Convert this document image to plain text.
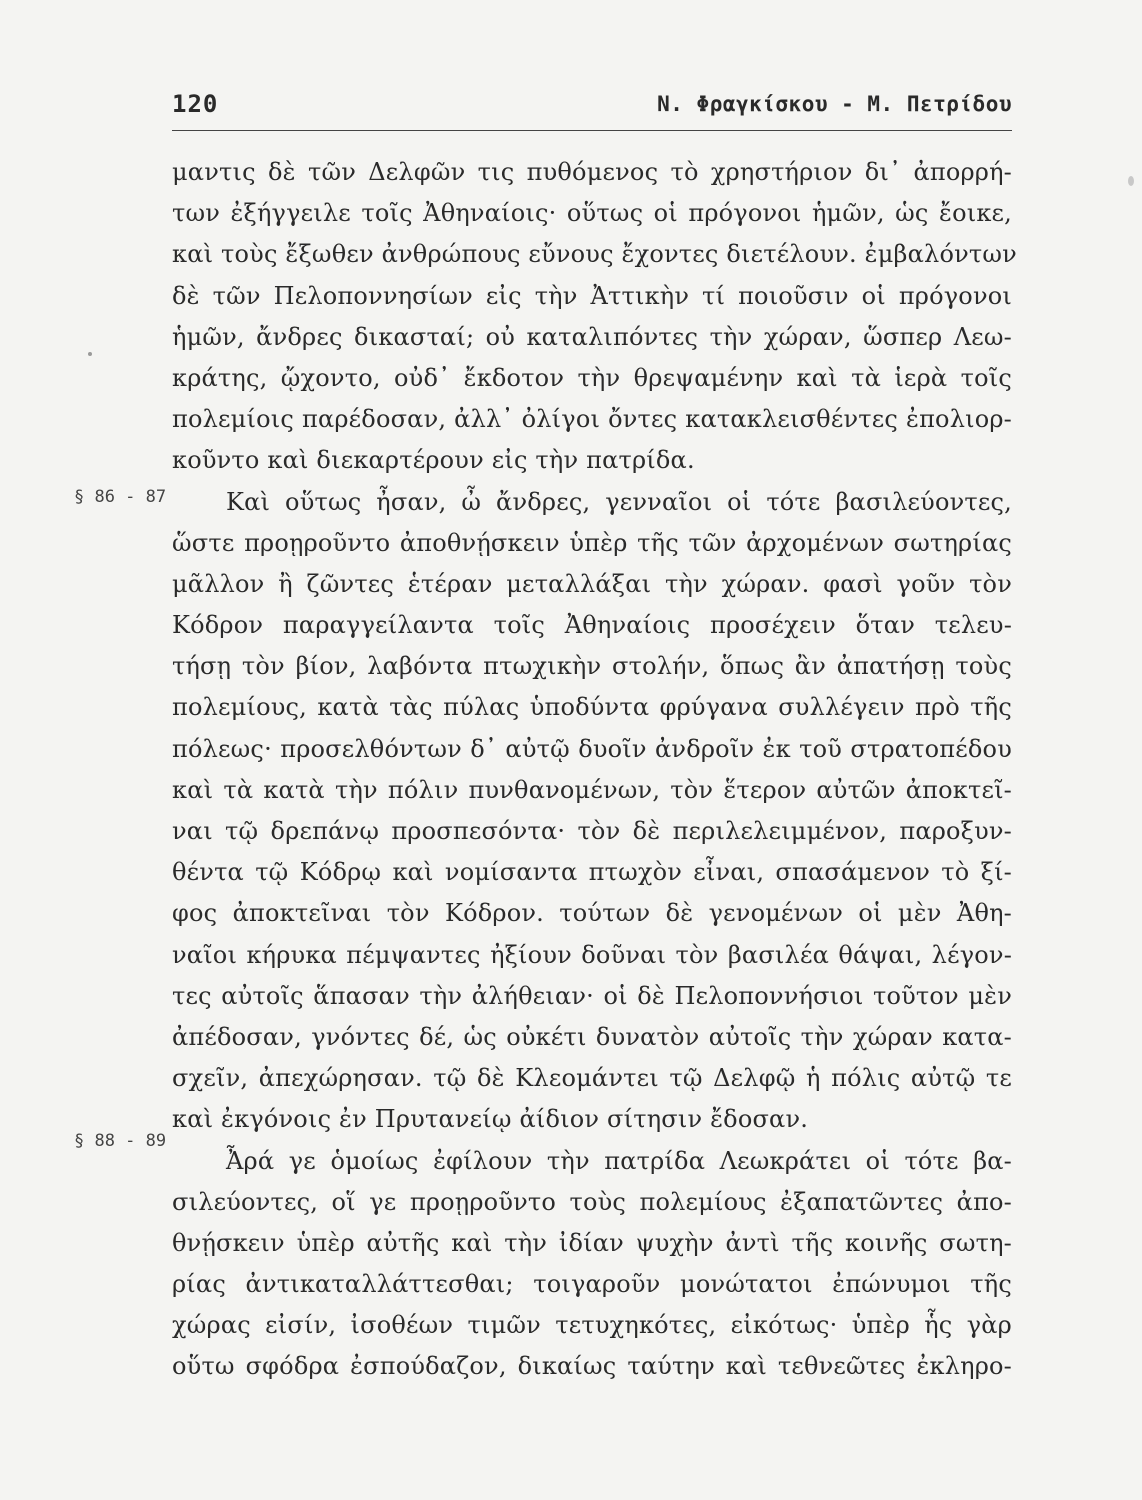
120	Ν. Φραγκίσκου - Μ. Πετρίδου
§ 86 - 87
§ 88 - 89
μαντις δὲ τῶν Δελφῶν τις πυθόμενος τὸ χρηστήριον δι᾽ ἀπορρή-
των ἐξήγγειλε τοῖς Ἀθηναίοις· οὕτως οἱ πρόγονοι ἡμῶν, ὡς ἔοικε,
καὶ τοὺς ἔξωθεν ἀνθρώπους εὔνους ἔχοντες διετέλουν. ἐμβαλόντων
δὲ τῶν Πελοποννησίων εἰς τὴν Ἀττικὴν τί ποιοῦσιν οἱ πρόγονοι
ἡμῶν, ἄνδρες δικασταί; οὐ καταλιπόντες τὴν χώραν, ὥσπερ Λεω-
κράτης, ᾤχοντο, οὐδ᾽ ἔκδοτον τὴν θρεψαμένην καὶ τὰ ἱερὰ τοῖς
πολεμίοις παρέδοσαν, ἀλλ᾽ ὀλίγοι ὄντες κατακλεισθέντες ἐπολιορ-
κοῦντο καὶ διεκαρτέρουν εἰς τὴν πατρίδα.
Καὶ οὕτως ἦσαν, ὦ ἄνδρες, γενναῖοι οἱ τότε βασιλεύοντες,
ὥστε προῃροῦντο ἀποθνῄσκειν ὑπὲρ τῆς τῶν ἀρχομένων σωτηρίας
μᾶλλον ἢ ζῶντες ἑτέραν μεταλλάξαι τὴν χώραν. φασὶ γοῦν τὸν
Κόδρον παραγγείλαντα τοῖς Ἀθηναίοις προσέχειν ὅταν τελευ-
τήσῃ τὸν βίον, λαβόντα πτωχικὴν στολήν, ὅπως ἂν ἀπατήσῃ τοὺς
πολεμίους, κατὰ τὰς πύλας ὑποδύντα φρύγανα συλλέγειν πρὸ τῆς
πόλεως· προσελθόντων δ᾽ αὐτῷ δυοῖν ἀνδροῖν ἐκ τοῦ στρατοπέδου
καὶ τὰ κατὰ τὴν πόλιν πυνθανομένων, τὸν ἕτερον αὐτῶν ἀποκτεῖ-
ναι τῷ δρεπάνῳ προσπεσόντα· τὸν δὲ περιλελειμμένον, παροξυν-
θέντα τῷ Κόδρῳ καὶ νομίσαντα πτωχὸν εἶναι, σπασάμενον τὸ ξί-
φος ἀποκτεῖναι τὸν Κόδρον. τούτων δὲ γενομένων οἱ μὲν Ἀθη-
ναῖοι κήρυκα πέμψαντες ἠξίουν δοῦναι τὸν βασιλέα θάψαι, λέγον-
τες αὐτοῖς ἅπασαν τὴν ἀλήθειαν· οἱ δὲ Πελοποννήσιοι τοῦτον μὲν
ἀπέδοσαν, γνόντες δέ, ὡς οὐκέτι δυνατὸν αὐτοῖς τὴν χώραν κατα-
σχεῖν, ἀπεχώρησαν. τῷ δὲ Κλεομάντει τῷ Δελφῷ ἡ πόλις αὐτῷ τε
καὶ ἐκγόνοις ἐν Πρυτανείῳ ἀίδιον σίτησιν ἔδοσαν.
Ἆρά γε ὁμοίως ἐφίλουν τὴν πατρίδα Λεωκράτει οἱ τότε βα-
σιλεύοντες, οἵ γε προῃροῦντο τοὺς πολεμίους ἐξαπατῶντες ἀπο-
θνῄσκειν ὑπὲρ αὐτῆς καὶ τὴν ἰδίαν ψυχὴν ἀντὶ τῆς κοινῆς σωτη-
ρίας ἀντικαταλλάττεσθαι; τοιγαροῦν μονώτατοι ἐπώνυμοι τῆς
χώρας εἰσίν, ἰσοθέων τιμῶν τετυχηκότες, εἰκότως· ὑπὲρ ἧς γὰρ
οὕτω σφόδρα ἐσπούδαζον, δικαίως ταύτην καὶ τεθνεῶτες ἐκληρο-
